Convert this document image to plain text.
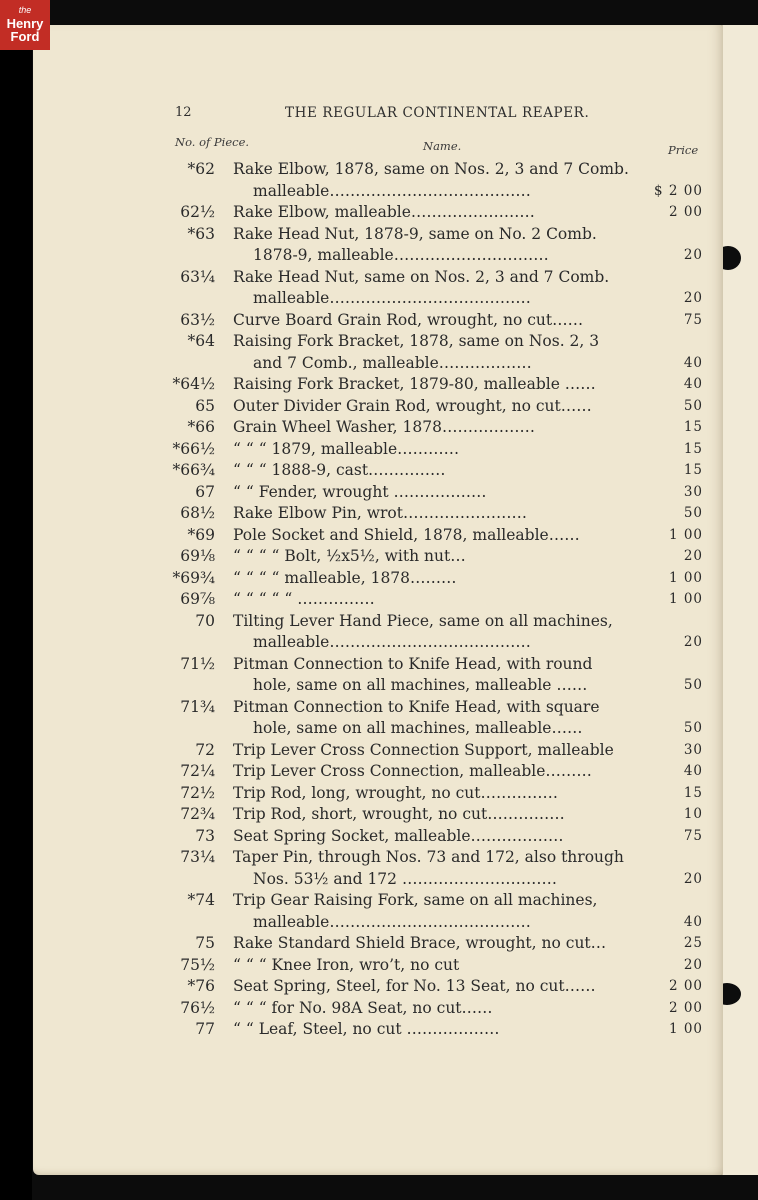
the
Henry
Ford
12	THE REGULAR CONTINENTAL REAPER.
No. of Piece.	Name.	Price
*62 Rake Elbow, 1878, same on Nos. 2, 3 and 7 Comb.
malleable…………………………………	$ 2 00
62½ Rake Elbow, malleable……………………	2 00
*63 Rake Head Nut, 1878-9, same on No. 2 Comb.
1878-9, malleable…………………………	20
63¼ Rake Head Nut, same on Nos. 2, 3 and 7 Comb.
malleable…………………………………	20
63½ Curve Board Grain Rod, wrought, no cut……	75
*64 Raising Fork Bracket, 1878, same on Nos. 2, 3
and 7 Comb., malleable………………	40
*64½ Raising Fork Bracket, 1879-80, malleable ……	40
65 Outer Divider Grain Rod, wrought, no cut……	50
*66 Grain Wheel Washer, 1878………………	15
*66½ “ “ “ 1879, malleable…………	15
*66¾ “ “ “ 1888-9, cast……………	15
67 “ “ Fender, wrought ………………	30
68½ Rake Elbow Pin, wrot……………………	50
*69 Pole Socket and Shield, 1878, malleable……	1 00
69⅛ “ “ “ “ Bolt, ½x5½, with nut…	20
*69¾ “ “ “ “ malleable, 1878………	1 00
69⅞ “ “ “ “ “ ……………	1 00
70 Tilting Lever Hand Piece, same on all machines,
malleable…………………………………	20
71½ Pitman Connection to Knife Head, with round
hole, same on all machines, malleable ……	50
71¾ Pitman Connection to Knife Head, with square
hole, same on all machines, malleable……	50
72 Trip Lever Cross Connection Support, malleable	30
72¼ Trip Lever Cross Connection, malleable………	40
72½ Trip Rod, long, wrought, no cut……………	15
72¾ Trip Rod, short, wrought, no cut……………	10
73 Seat Spring Socket, malleable………………	75
73¼ Taper Pin, through Nos. 73 and 172, also through
Nos. 53½ and 172 …………………………	20
*74 Trip Gear Raising Fork, same on all machines,
malleable…………………………………	40
75 Rake Standard Shield Brace, wrought, no cut…	25
75½ “ “ “ Knee Iron, wro’t, no cut	20
*76 Seat Spring, Steel, for No. 13 Seat, no cut……	2 00
76½ “ “ “ for No. 98A Seat, no cut……	2 00
77 “ “ Leaf, Steel, no cut ………………	1 00
